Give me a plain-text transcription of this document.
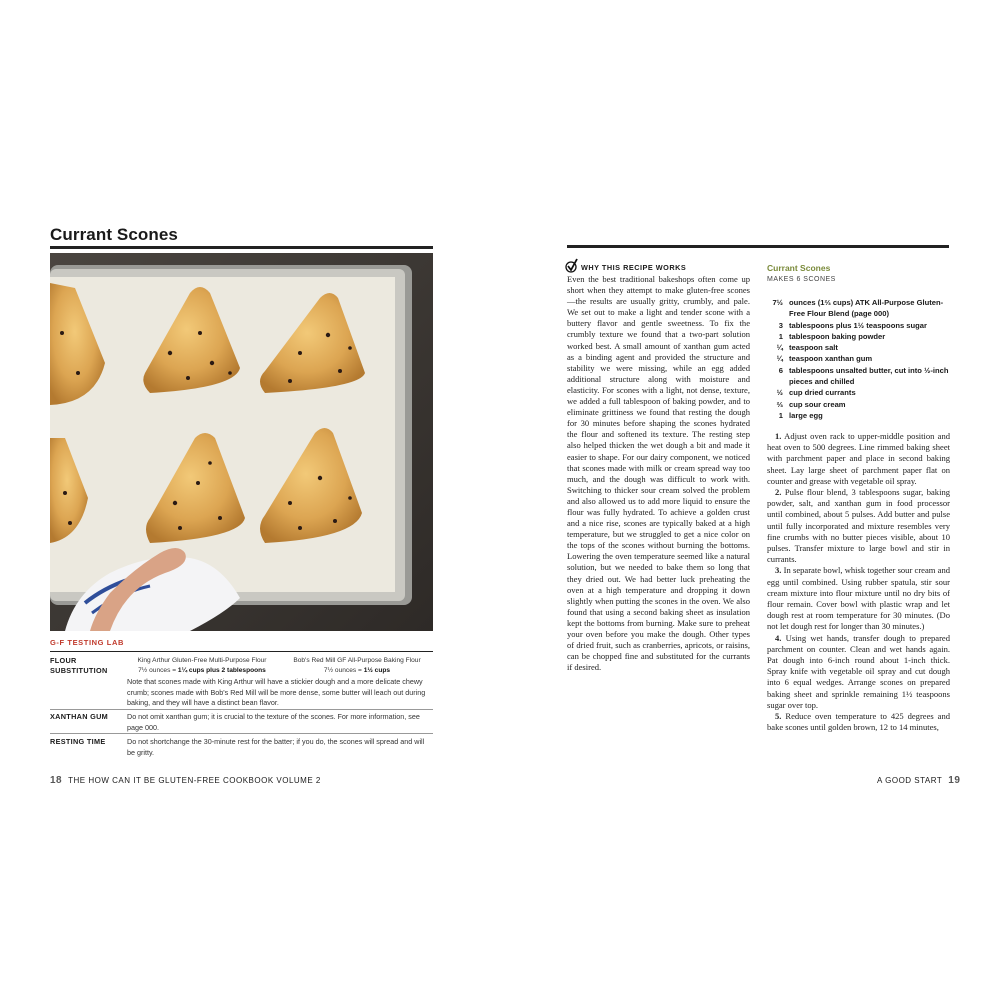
Currant Scones
G-F TESTING LAB
FLOUR SUBSTITUTION
King Arthur Gluten-Free Multi-Purpose Flour
7½ ounces = 1¼ cups plus 2 tablespoons
Bob's Red Mill GF All-Purpose Baking Flour
7½ ounces = 1½ cups
Note that scones made with King Arthur will have a stickier dough and a more delicate chewy crumb; scones made with Bob's Red Mill will be more dense, some butter will leach out during baking, and they will have a distinct bean flavor.
XANTHAN GUM	Do not omit xanthan gum; it is crucial to the texture of the scones. For more information, see page 000.
RESTING TIME	Do not shortchange the 30-minute rest for the batter; if you do, the scones will spread and will be gritty.
18 THE HOW CAN IT BE GLUTEN-FREE COOKBOOK VOLUME 2
WHY THIS RECIPE WORKS
Even the best traditional bakeshops often come up short when they attempt to make gluten-free scones—the results are usually gritty, crumbly, and pale. We set out to make a light and tender scone with a buttery flavor and gentle sweetness. To fix the crumbly texture we found that a two-part solution worked best. A small amount of xanthan gum acted as a binding agent and provided the structure and stability we were missing, while an egg added additional structure along with moisture and elasticity. For scones with a light, not dense, texture, we added a full tablespoon of baking powder, and to eliminate grittiness we found that resting the dough for 30 minutes before shaping the scones hydrated the flour and softened its texture. The resting step also helped thicken the wet dough a bit and made it easier to shape. For our dairy component, we noticed that scones made with milk or cream spread way too much, and the dough was difficult to work with. Switching to thicker sour cream solved the problem and also allowed us to add more liquid to ensure the flour was fully hydrated. To achieve a golden crust and a nice rise, scones are typically baked at a high temperature, but we struggled to get a nice color on the tops of the scones without burning the bottoms. Lowering the oven temperature seemed like a natural solution, but we needed to bake them so long that they dried out. We had better luck preheating the oven at a high temperature and dropping it down slightly when putting the scones in the oven. We also found that using a second baking sheet as insulation kept the bottoms from burning. Make sure to preheat your oven before you make the dough. Other types of dried fruit, such as cranberries, apricots, or raisins, can be chopped fine and substituted for the currants if desired.
Currant Scones
MAKES 6 SCONES
7½ ounces (1⅔ cups) ATK All-Purpose Gluten-Free Flour Blend (page 000)
3 tablespoons plus 1½ teaspoons sugar
1 tablespoon baking powder
¼ teaspoon salt
¼ teaspoon xanthan gum
6 tablespoons unsalted butter, cut into ½-inch pieces and chilled
½ cup dried currants
⅔ cup sour cream
1 large egg

1. Adjust oven rack to upper-middle position and heat oven to 500 degrees. Line rimmed baking sheet with parchment paper and place in second baking sheet. Lay large sheet of parchment paper flat on counter and grease with vegetable oil spray.

2. Pulse flour blend, 3 tablespoons sugar, baking powder, salt, and xanthan gum in food processor until combined, about 5 pulses. Add butter and pulse until fully incorporated and mixture resembles very fine crumbs with no butter pieces visible, about 10 pulses. Transfer mixture to large bowl and stir in currants.

3. In separate bowl, whisk together sour cream and egg until combined. Using rubber spatula, stir sour cream mixture into flour mixture until no dry bits of flour remain. Cover bowl with plastic wrap and let dough rest at room temperature for 30 minutes. (Do not let dough rest for longer than 30 minutes.)

4. Using wet hands, transfer dough to prepared parchment on counter. Clean and wet hands again. Pat dough into 6-inch round about 1-inch thick. Spray knife with vegetable oil spray and cut dough into 6 equal wedges. Arrange scones on prepared baking sheet and sprinkle remaining 1½ teaspoons sugar over top.

5. Reduce oven temperature to 425 degrees and bake scones until golden brown, 12 to 14 minutes,

A GOOD START 19
